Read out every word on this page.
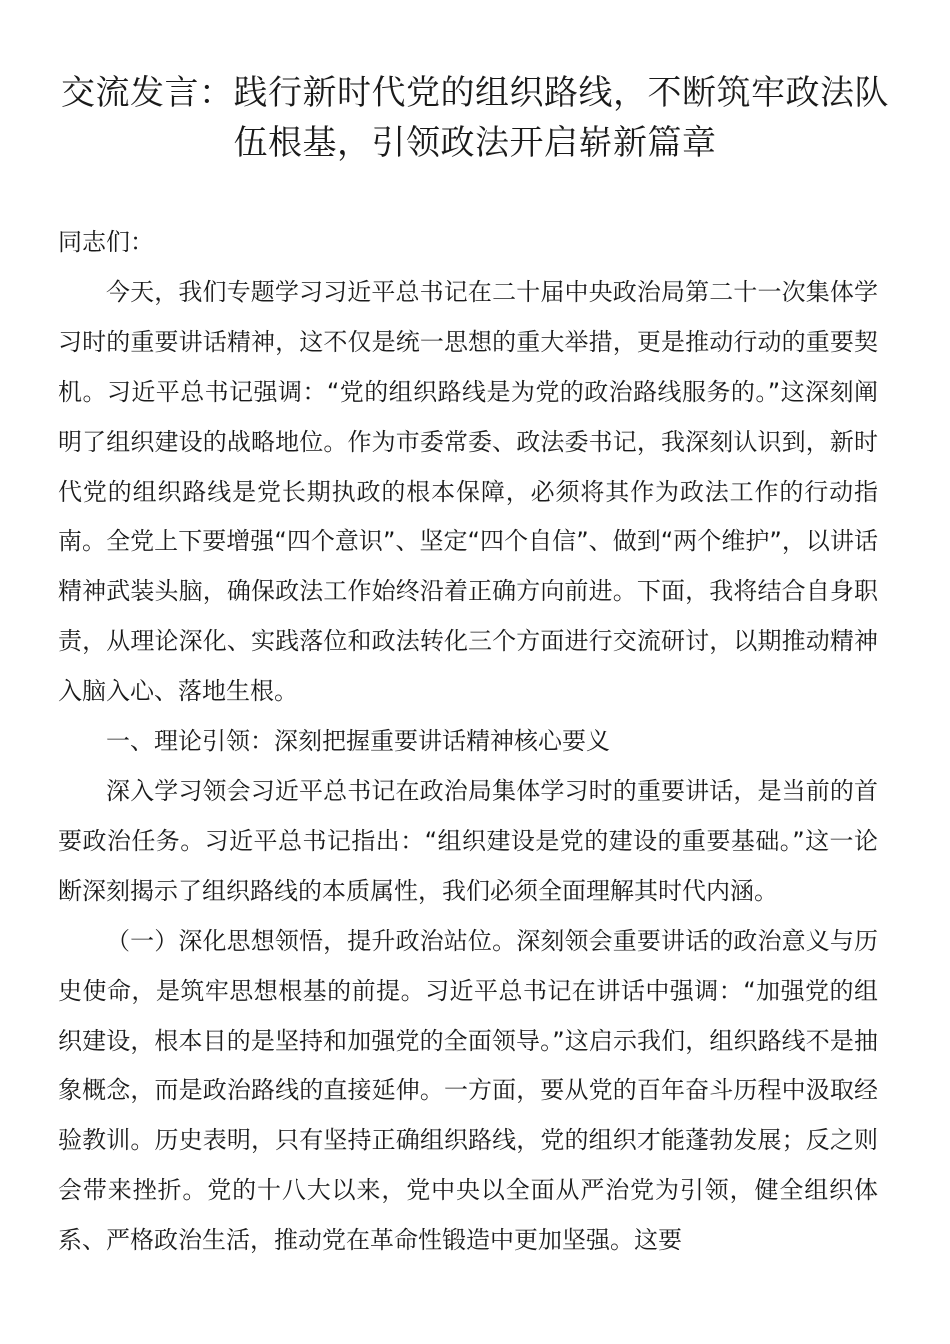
交流发言：践行新时代党的组织路线，不断筑牢政法队伍根基，引领政法开启崭新篇章

同志们：

今天，我们专题学习习近平总书记在二十届中央政治局第二十一次集体学习时的重要讲话精神，这不仅是统一思想的重大举措，更是推动行动的重要契机。习近平总书记强调：“党的组织路线是为党的政治路线服务的。”这深刻阐明了组织建设的战略地位。作为市委常委、政法委书记，我深刻认识到，新时代党的组织路线是党长期执政的根本保障，必须将其作为政法工作的行动指南。全党上下要增强“四个意识”、坚定“四个自信”、做到“两个维护”，以讲话精神武装头脑，确保政法工作始终沿着正确方向前进。下面，我将结合自身职责，从理论深化、实践落位和政法转化三个方面进行交流研讨，以期推动精神入脑入心、落地生根。

一、理论引领：深刻把握重要讲话精神核心要义

深入学习领会习近平总书记在政治局集体学习时的重要讲话，是当前的首要政治任务。习近平总书记指出：“组织建设是党的建设的重要基础。”这一论断深刻揭示了组织路线的本质属性，我们必须全面理解其时代内涵。

（一）深化思想领悟，提升政治站位。深刻领会重要讲话的政治意义与历史使命，是筑牢思想根基的前提。习近平总书记在讲话中强调：“加强党的组织建设，根本目的是坚持和加强党的全面领导。”这启示我们，组织路线不是抽象概念，而是政治路线的直接延伸。一方面，要从党的百年奋斗历程中汲取经验教训。历史表明，只有坚持正确组织路线，党的组织才能蓬勃发展；反之则会带来挫折。党的十八大以来，党中央以全面从严治党为引领，健全组织体系、严格政治生活，推动党在革命性锻造中更加坚强。这要
